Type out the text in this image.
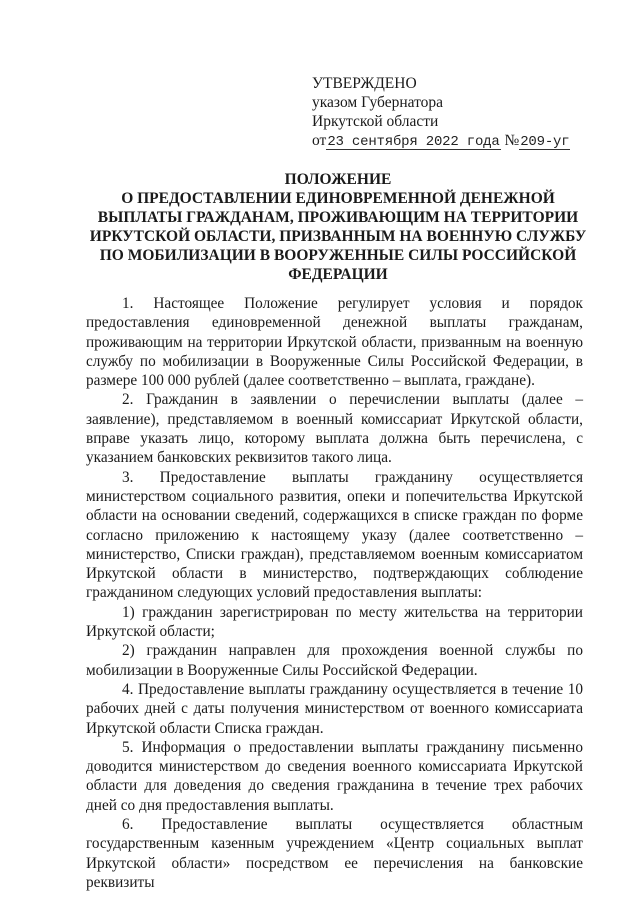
УТВЕРЖДЕНО
указом Губернатора
Иркутской области
от23 сентября 2022 года №209-уг
ПОЛОЖЕНИЕ
О ПРЕДОСТАВЛЕНИИ ЕДИНОВРЕМЕННОЙ ДЕНЕЖНОЙ
ВЫПЛАТЫ ГРАЖДАНАМ, ПРОЖИВАЮЩИМ НА ТЕРРИТОРИИ
ИРКУТСКОЙ ОБЛАСТИ, ПРИЗВАННЫМ НА ВОЕННУЮ СЛУЖБУ
ПО МОБИЛИЗАЦИИ В ВООРУЖЕННЫЕ СИЛЫ РОССИЙСКОЙ
ФЕДЕРАЦИИ

1. Настоящее Положение регулирует условия и порядок предоставления единовременной денежной выплаты гражданам, проживающим на территории Иркутской области, призванным на военную службу по мобилизации в Вооруженные Силы Российской Федерации, в размере 100 000 рублей (далее соответственно – выплата, граждане).

2. Гражданин в заявлении о перечислении выплаты (далее – заявление), представляемом в военный комиссариат Иркутской области, вправе указать лицо, которому выплата должна быть перечислена, с указанием банковских реквизитов такого лица.

3. Предоставление выплаты гражданину осуществляется министерством социального развития, опеки и попечительства Иркутской области на основании сведений, содержащихся в списке граждан по форме согласно приложению к настоящему указу (далее соответственно – министерство, Списки граждан), представляемом военным комиссариатом Иркутской области в министерство, подтверждающих соблюдение гражданином следующих условий предоставления выплаты:

1) гражданин зарегистрирован по месту жительства на территории Иркутской области;

2) гражданин направлен для прохождения военной службы по мобилизации в Вооруженные Силы Российской Федерации.

4. Предоставление выплаты гражданину осуществляется в течение 10 рабочих дней с даты получения министерством от военного комиссариата Иркутской области Списка граждан.

5. Информация о предоставлении выплаты гражданину письменно доводится министерством до сведения военного комиссариата Иркутской области для доведения до сведения гражданина в течение трех рабочих дней со дня предоставления выплаты.

6. Предоставление выплаты осуществляется областным государственным казенным учреждением «Центр социальных выплат Иркутской области» посредством ее перечисления на банковские реквизиты
